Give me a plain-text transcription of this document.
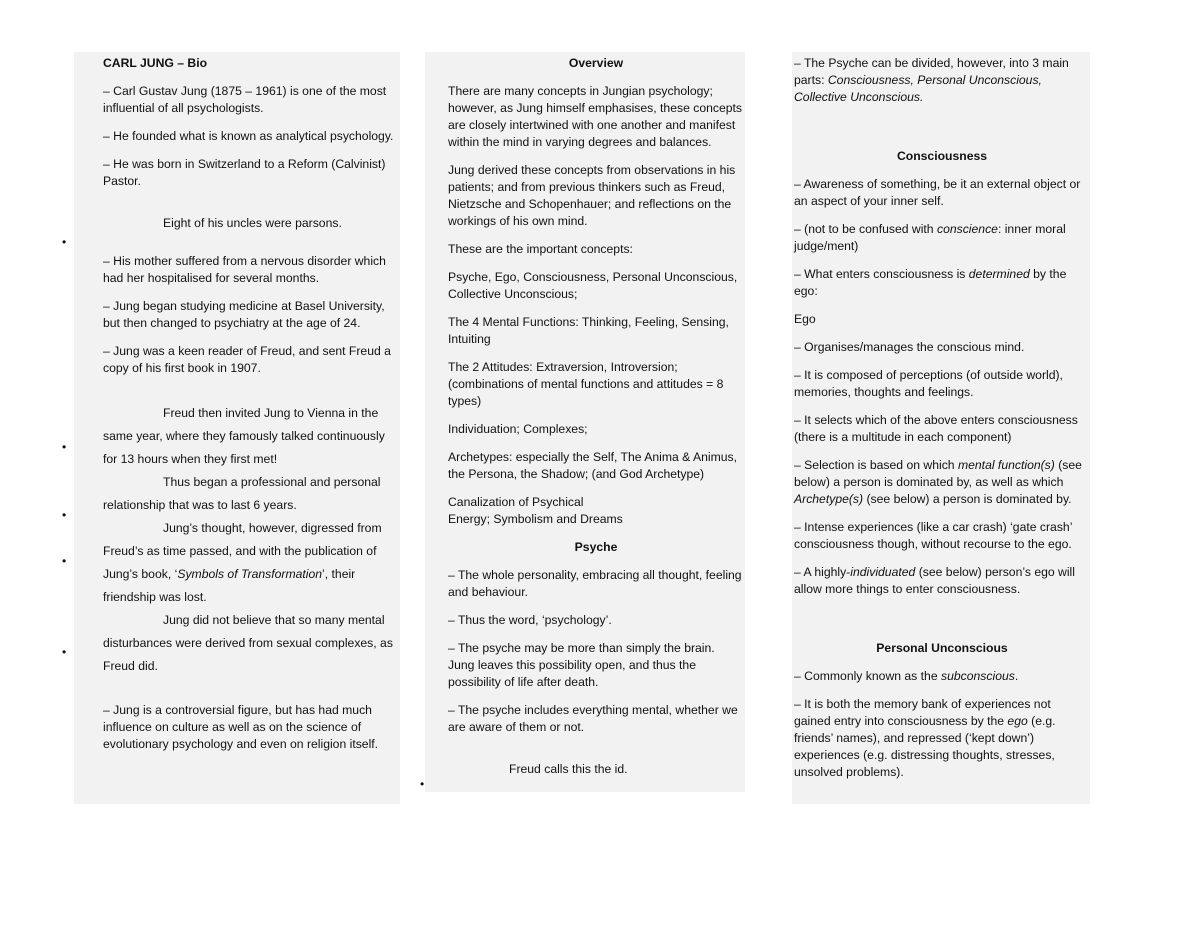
CARL JUNG – Bio

– Carl Gustav Jung (1875 – 1961) is one of the most influential of all psychologists.

– He founded what is known as analytical psychology.

– He was born in Switzerland to a Reform (Calvinist) Pastor.

Eight of his uncles were parsons.

– His mother suffered from a nervous disorder which had her hospitalised for several months.

– Jung began studying medicine at Basel University, but then changed to psychiatry at the age of 24.

– Jung was a keen reader of Freud, and sent Freud a copy of his first book in 1907.

Freud then invited Jung to Vienna in the same year, where they famously talked continuously for 13 hours when they first met!

Thus began a professional and personal relationship that was to last 6 years.

Jung’s thought, however, digressed from Freud’s as time passed, and with the publication of Jung’s book, ‘Symbols of Transformation’, their friendship was lost.

Jung did not believe that so many mental disturbances were derived from sexual complexes, as Freud did.

– Jung is a controversial figure, but has had much influence on culture as well as on the science of evolutionary psychology and even on religion itself.

•
•
•
•
•

Overview

There are many concepts in Jungian psychology; however, as Jung himself emphasises, these concepts are closely intertwined with one another and manifest within the mind in varying degrees and balances.

Jung derived these concepts from observations in his patients; and from previous thinkers such as Freud, Nietzsche and Schopenhauer; and reflections on the workings of his own mind.

These are the important concepts:

Psyche, Ego, Consciousness, Personal Unconscious, Collective Unconscious;

The 4 Mental Functions: Thinking, Feeling, Sensing, Intuiting

The 2 Attitudes: Extraversion, Introversion; (combinations of mental functions and attitudes = 8 types)

Individuation; Complexes;

Archetypes: especially the Self, The Anima & Animus, the Persona, the Shadow; (and God Archetype)

Canalization of Psychical

Energy; Symbolism and Dreams

Psyche

– The whole personality, embracing all thought, feeling and behaviour.

– Thus the word, ‘psychology’.

– The psyche may be more than simply the brain. Jung leaves this possibility open, and thus the possibility of life after death.

– The psyche includes everything mental, whether we are aware of them or not.

Freud calls this the id.

•

– The Psyche can be divided, however, into 3 main parts: Consciousness, Personal Unconscious, Collective Unconscious.

Consciousness

– Awareness of something, be it an external object or an aspect of your inner self.

– (not to be confused with conscience: inner moral judge/ment)

– What enters consciousness is determined by the ego:

Ego

– Organises/manages the conscious mind.

– It is composed of perceptions (of outside world), memories, thoughts and feelings.

– It selects which of the above enters consciousness (there is a multitude in each component)

– Selection is based on which mental function(s) (see below) a person is dominated by, as well as which Archetype(s) (see below) a person is dominated by.

– Intense experiences (like a car crash) ‘gate crash’ consciousness though, without recourse to the ego.

– A highly-individuated (see below) person’s ego will allow more things to enter consciousness.

Personal Unconscious

– Commonly known as the subconscious.

– It is both the memory bank of experiences not gained entry into consciousness by the ego (e.g. friends’ names), and repressed (‘kept down’) experiences (e.g. distressing thoughts, stresses, unsolved problems).
